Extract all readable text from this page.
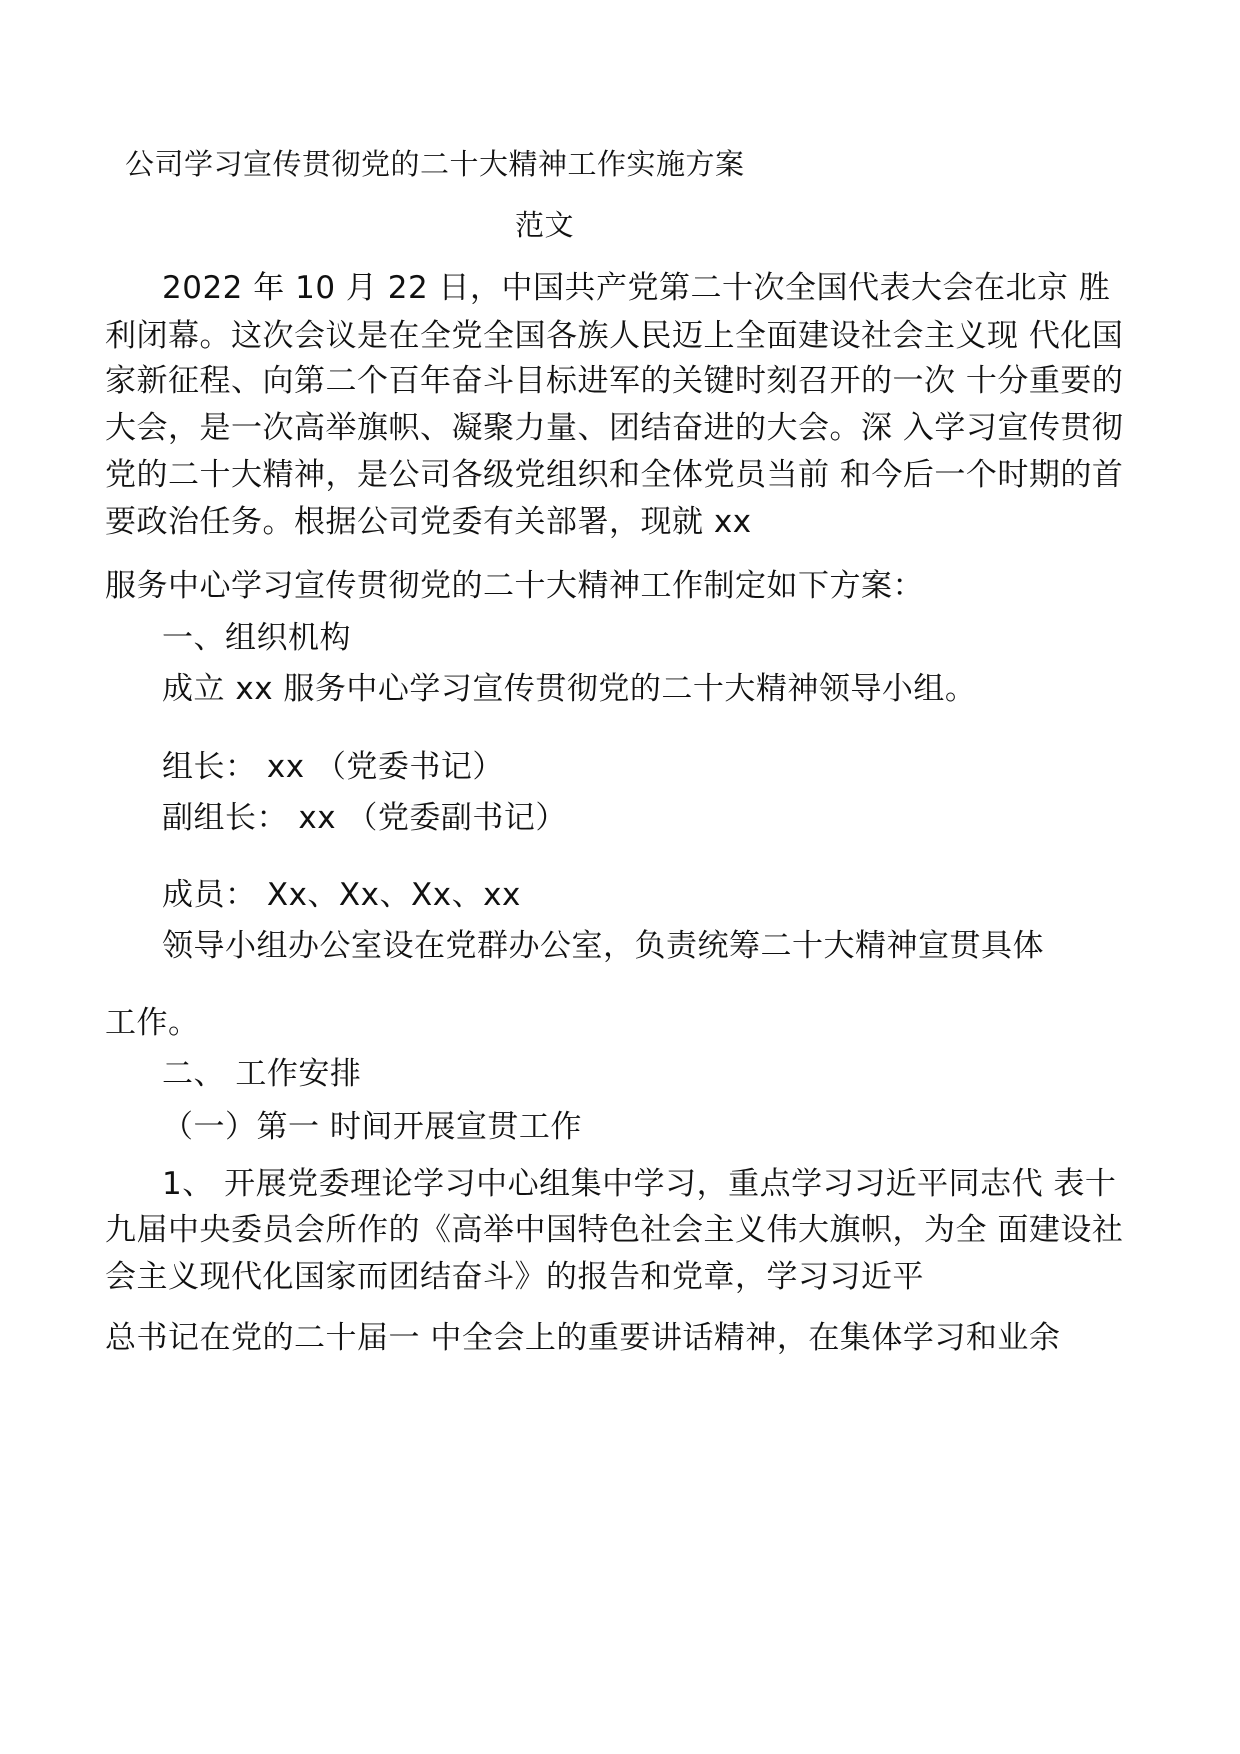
公司学习宣传贯彻党的二十大精神工作实施方案
范文
2022 年 10 月 22 日，中国共产党第二十次全国代表大会在北京 胜
利闭幕。这次会议是在全党全国各族人民迈上全面建设社会主义现 代化国
家新征程、向第二个百年奋斗目标进军的关键时刻召开的一次 十分重要的
大会，是一次高举旗帜、凝聚力量、团结奋进的大会。深 入学习宣传贯彻
党的二十大精神，是公司各级党组织和全体党员当前 和今后一个时期的首
要政治任务。根据公司党委有关部署，现就 xx
服务中心学习宣传贯彻党的二十大精神工作制定如下方案：
一、组织机构
成立 xx 服务中心学习宣传贯彻党的二十大精神领导小组。
组长： xx （党委书记）
副组长： xx （党委副书记）
成员： Xx、Xx、Xx、xx
领导小组办公室设在党群办公室，负责统筹二十大精神宣贯具体
工作。
二、 工作安排
（一）第一 时间开展宣贯工作
1、 开展党委理论学习中心组集中学习，重点学习习近平同志代 表十
九届中央委员会所作的《高举中国特色社会主义伟大旗帜，为全 面建设社
会主义现代化国家而团结奋斗》的报告和党章，学习习近平
总书记在党的二十届一 中全会上的重要讲话精神，在集体学习和业余
